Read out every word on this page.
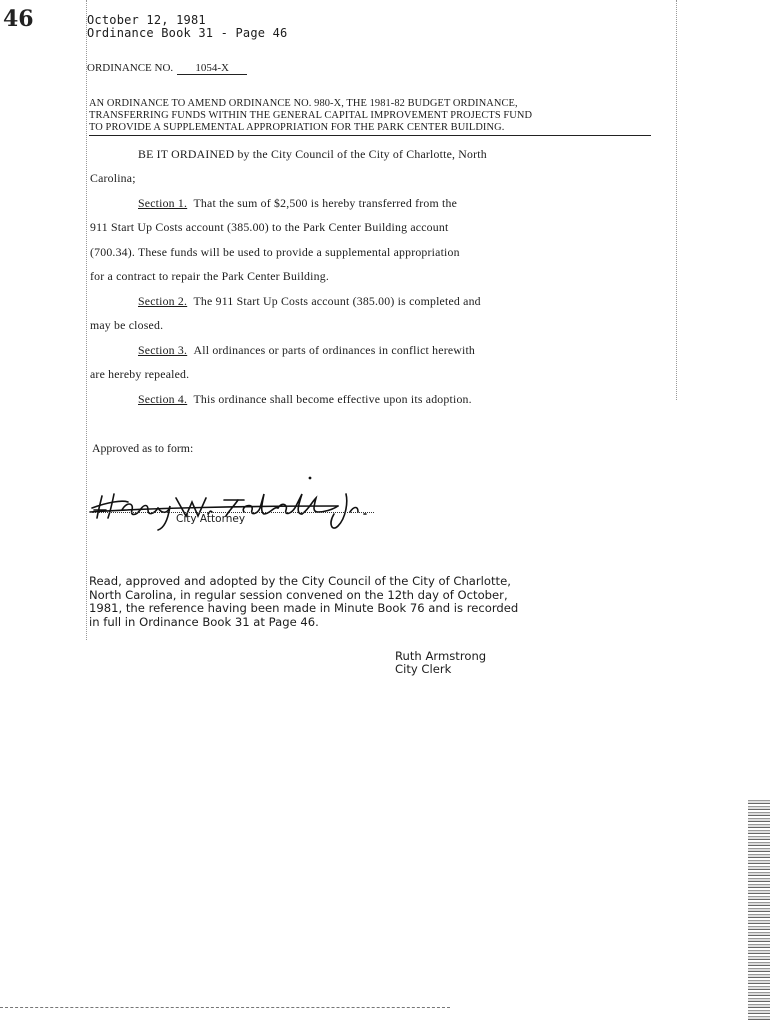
46	October 12, 1981
Ordinance Book 31 - Page 46
ORDINANCE NO. 1054-X
AN ORDINANCE TO AMEND ORDINANCE NO. 980-X, THE 1981-82 BUDGET ORDINANCE,
TRANSFERRING FUNDS WITHIN THE GENERAL CAPITAL IMPROVEMENT PROJECTS FUND
TO PROVIDE A SUPPLEMENTAL APPROPRIATION FOR THE PARK CENTER BUILDING.
BE IT ORDAINED by the City Council of the City of Charlotte, North
Carolina;
Section 1. That the sum of $2,500 is hereby transferred from the
911 Start Up Costs account (385.00) to the Park Center Building account
(700.34). These funds will be used to provide a supplemental appropriation
for a contract to repair the Park Center Building.
Section 2. The 911 Start Up Costs account (385.00) is completed and
may be closed.
Section 3. All ordinances or parts of ordinances in conflict herewith
are hereby repealed.
Section 4. This ordinance shall become effective upon its adoption.
Approved as to form:
City Attorney
Read, approved and adopted by the City Council of the City of Charlotte,
North Carolina, in regular session convened on the 12th day of October,
1981, the reference having been made in Minute Book 76 and is recorded
in full in Ordinance Book 31 at Page 46.
Ruth Armstrong
City Clerk
